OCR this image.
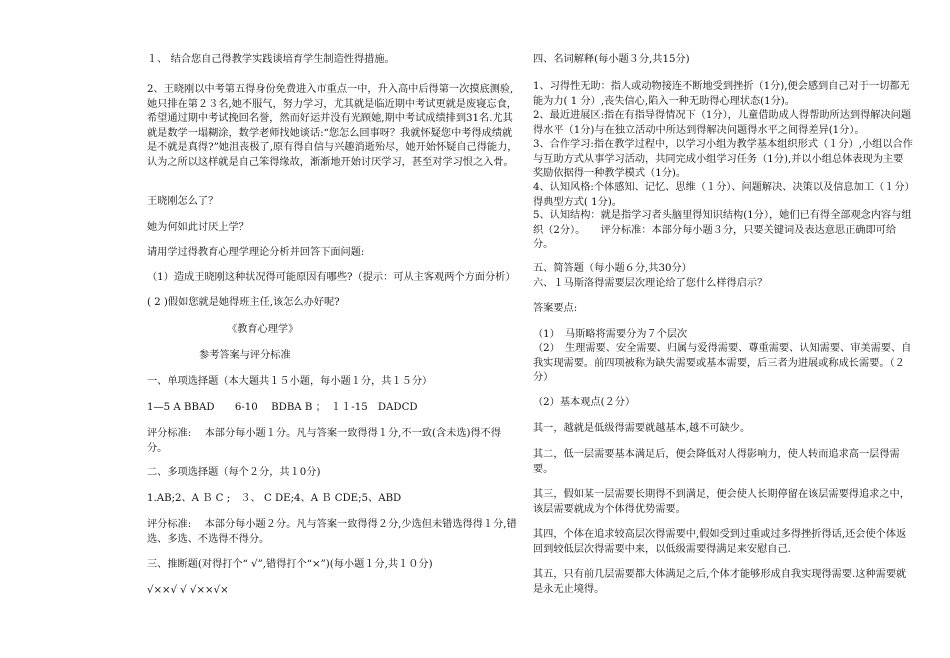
１、 结合您自己得教学实践谈培育学生制造性得措施。

2、王晓刚以中考第五得身份免费进入市重点一中，升入高中后得第一次摸底测验,她只排在第２３名,她不服气，努力学习，尤其就是临近期中考试更就是废寝忘食，希望通过期中考试挽回名誉，然而好运并没有光顾她,期中考试成绩排到31名.尤其就是数学一塌糊涂，数学老师找她谈话:“您怎么回事呀？我就怀疑您中考得成绩就是不就是真得?”她沮丧极了,原有得自信与兴趣消逝殆尽，她开始怀疑自己得能力，认为之所以这样就是自己笨得缘故，渐渐地开始讨厌学习，甚至对学习恨之入骨。

王晓刚怎么了？

她为何如此讨厌上学？

请用学过得教育心理学理论分析并回答下面问题:

（1）造成王晓刚这种状况得可能原因有哪些?（提示：可从主客观两个方面分析）

( 2 )假如您就是她得班主任,该怎么办好呢?

《教育心理学》

参考答案与评分标准

一、单项选择题（本大题共１５小题，每小题１分，共１５分）

1—5 A BBAD　　6-10　 BDBA B ；　１１-15　DADCD

评分标准:　 本部分每小题１分。凡与答案一致得得１分,不一致(含未选)得不得分。

二、多项选择题（每个２分，共１0分)

1.AB;2、A Ｂ C ;　３、 C DE;4、A Ｂ CDE;5、ABD

评分标准:　 本部分每小题２分。凡与答案一致得得２分,少选但未错选得得１分,错选、多选、不选得不得分。

三、推断题(对得打个“ √”,错得打个“×”)(每小题１分,共１０分)

√××√ √ √××√×

四、名词解释(每小题３分,共15分)

1、习得性无助：指人或动物接连不断地受到挫折（1分),便会感到自己对于一切都无能为力( 1 分）,丧失信心,陷入一种无助得心理状态(1分)。

2、最近进展区:指在有指导得情况下（1分），儿童借助成人得帮助所达到得解决问题得水平（1分)与在独立活动中所达到得解决问题得水平之间得差异(1分）。

3、合作学习:指在教学过程中，以学习小组为教学基本组织形式（１分）,小组以合作与互助方式从事学习活动，共同完成小组学习任务（1分),并以小组总体表现为主要奖励依据得一种教学模式（1分)。

4、认知风格:个体感知、记忆、思维（１分）、问题解决、决策以及信息加工（１分）得典型方式( 1分)。

5、认知结构：就是指学习者头脑里得知识结构(1分），她们已有得全部观念内容与组织（2分）。　　评分标准：本部分每小题３分，只要关键词及表达意思正确即可给分。

五、简答题（每小题６分,共30分）

六、１马斯洛得需要层次理论给了您什么样得启示？

答案要点:

（1）　马斯略将需要分为７个层次

（2）　生理需要、安全需要、归属与爱得需要、尊重需要、认知需要、审美需要、自我实现需要。前四项被称为缺失需要或基本需要，后三者为进展或称成长需要。（２分）

（2）基本观点(２分）

其一，越就是低级得需要就越基本,越不可缺少。

其二，低一层需要基本满足后，便会降低对人得影响力，使人转而追求高一层得需要。

其三，假如某一层需要长期得不到满足，便会使人长期停留在该层需要得追求之中，该层需要就成为个体得优势需要。

其四，个体在追求较高层次得需要中,假如受到过重或过多得挫折得话,还会使个体返回到较低层次得需要中来，以低级需要得满足来安慰自己.

其五，只有前几层需要都大体满足之后,个体才能够形成自我实现得需要.这种需要就是永无止境得。
